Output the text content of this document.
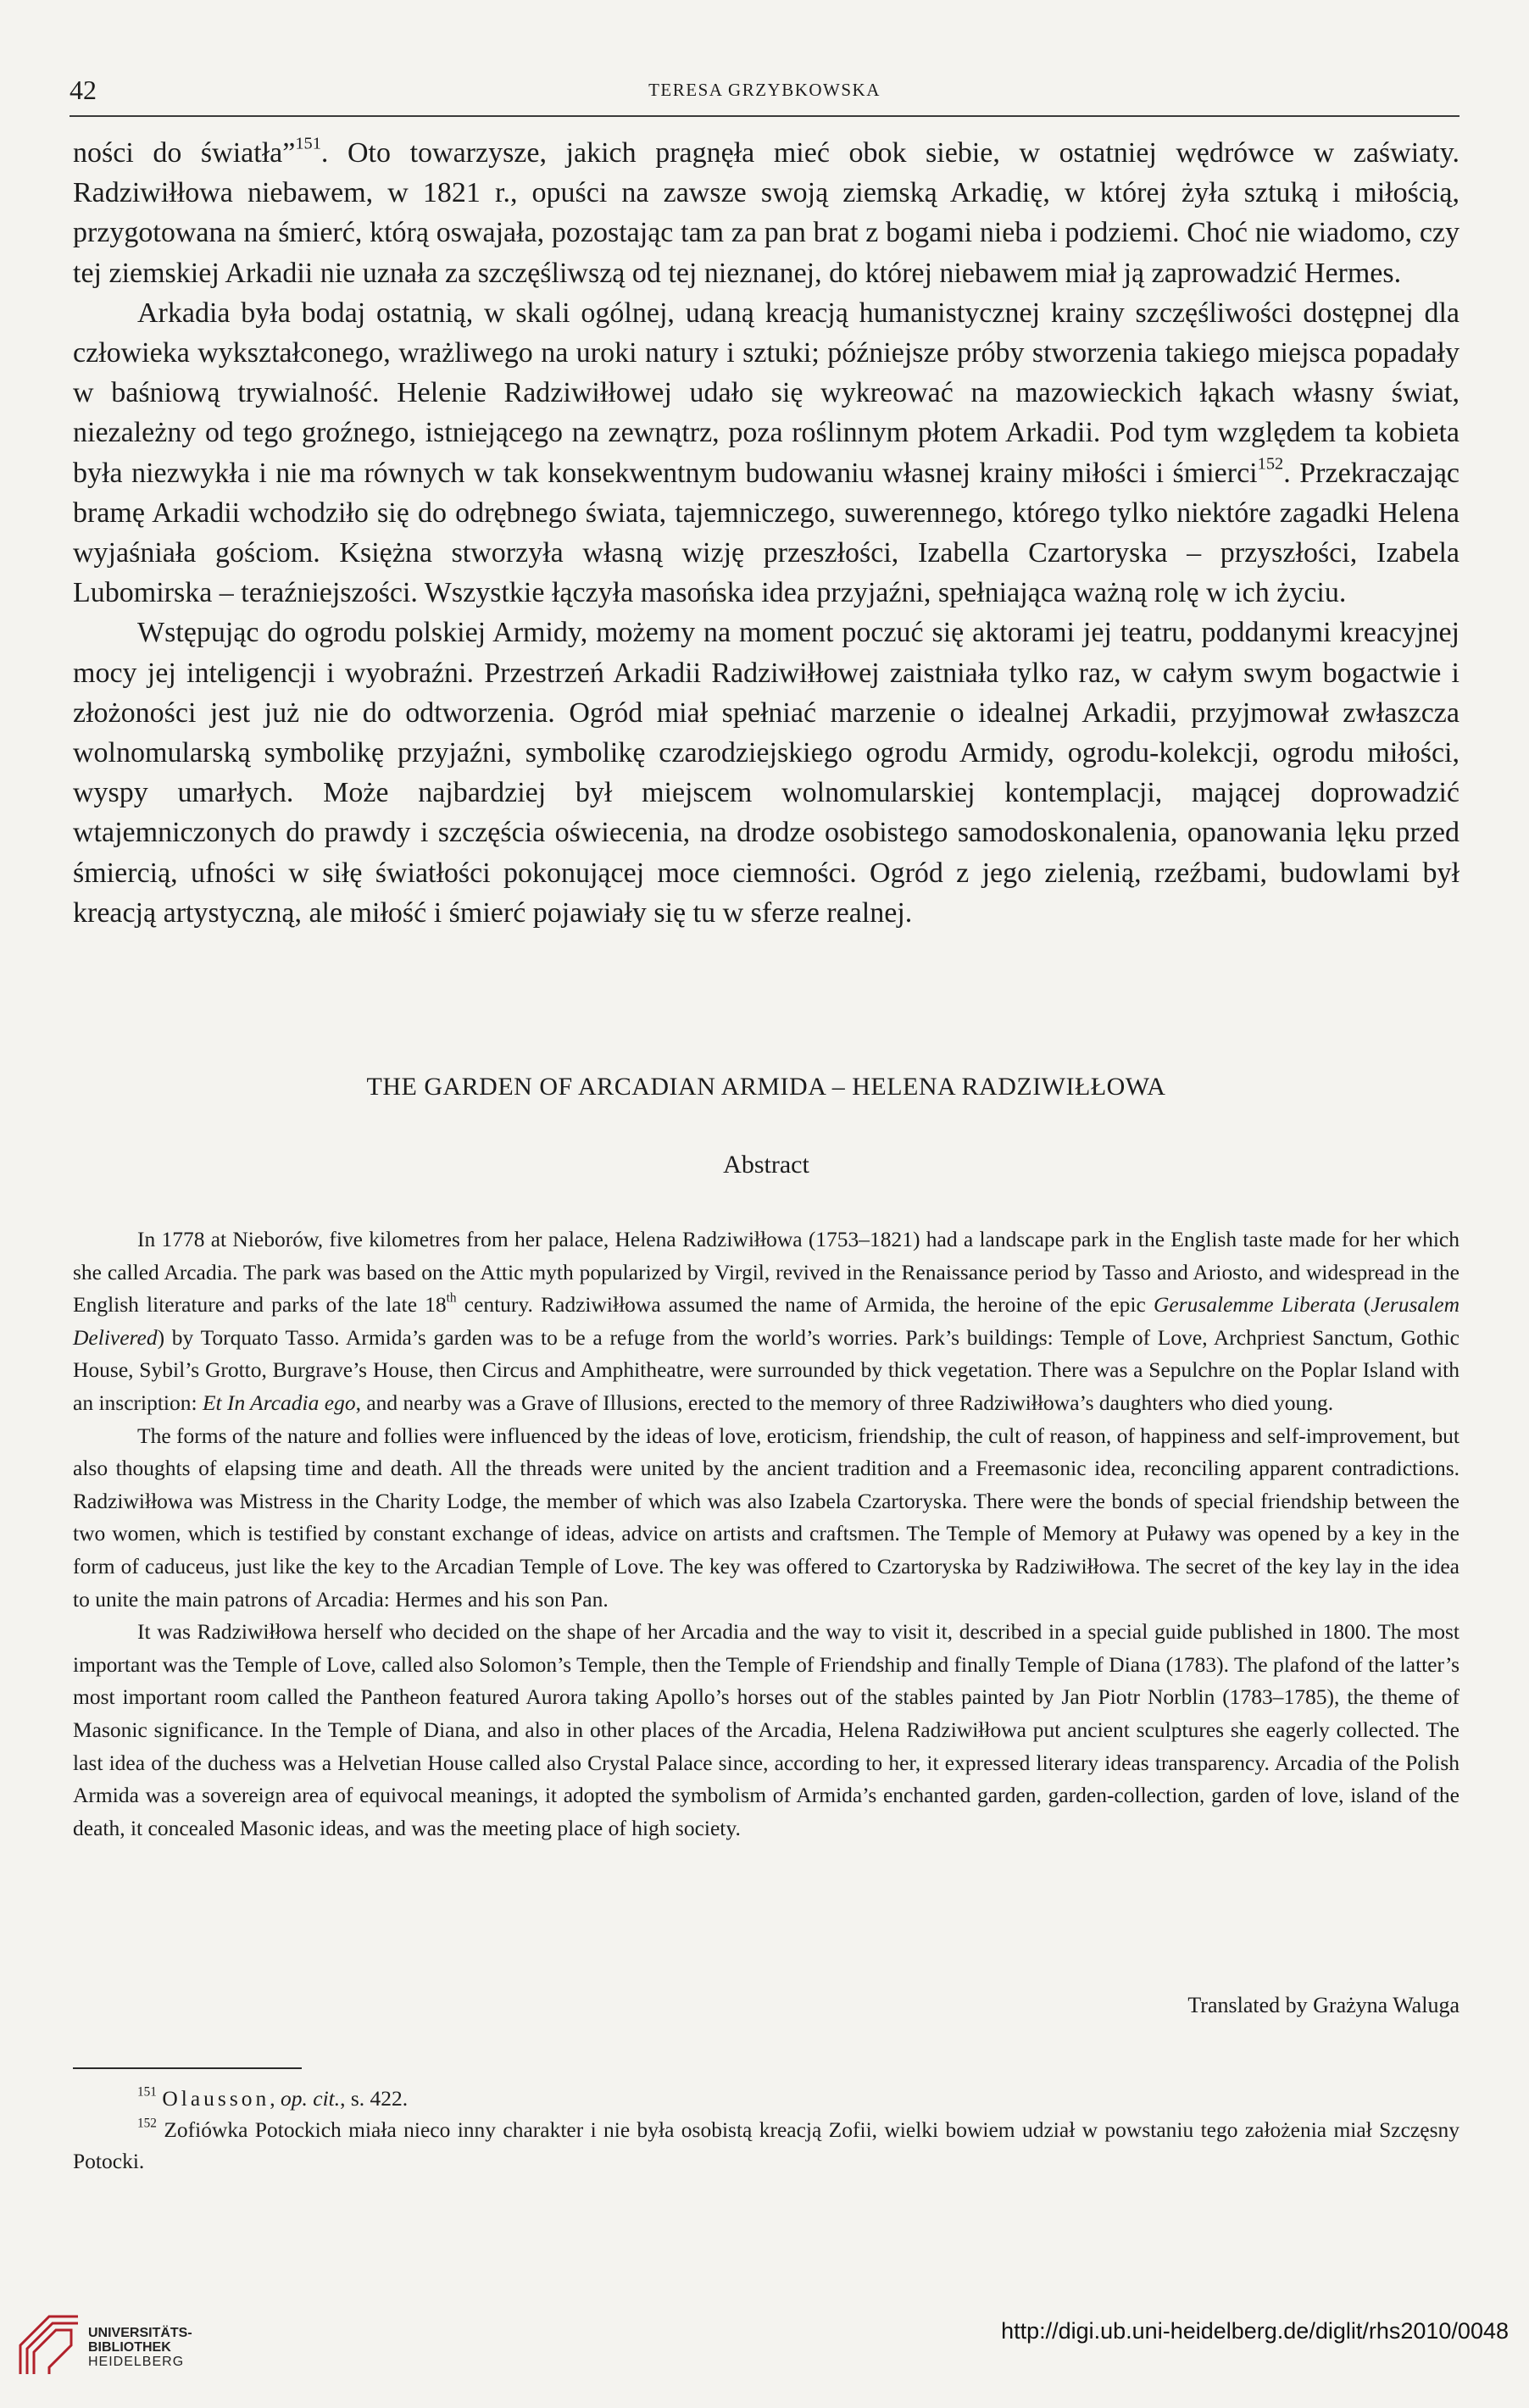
42	TERESA GRZYBKOWSKA

ności do światła”$^{151}$. Oto towarzysze, jakich pragnęła mieć obok siebie, w ostatniej wędrówce w zaświaty. Radziwiłłowa niebawem, w 1821 r., opuści na zawsze swoją ziemską Arkadię, w której żyła sztuką i miłością, przygotowana na śmierć, którą oswajała, pozostając tam za pan brat z bogami nieba i podziemi. Choć nie wiadomo, czy tej ziemskiej Arkadii nie uznała za szczęśliwszą od tej nieznanej, do której niebawem miał ją zaprowadzić Hermes.

Arkadia była bodaj ostatnią, w skali ogólnej, udaną kreacją humanistycznej krainy szczęśliwości dostępnej dla człowieka wykształconego, wrażliwego na uroki natury i sztuki; późniejsze próby stworzenia takiego miejsca popadały w baśniową trywialność. Helenie Radziwiłłowej udało się wykreować na mazowieckich łąkach własny świat, niezależny od tego groźnego, istniejącego na zewnątrz, poza roślinnym płotem Arkadii. Pod tym względem ta kobieta była niezwykła i nie ma równych w tak konsekwentnym budowaniu własnej krainy miłości i śmierci$^{152}$. Przekraczając bramę Arkadii wchodziło się do odrębnego świata, tajemniczego, suwerennego, którego tylko niektóre zagadki Helena wyjaśniała gościom. Księżna stworzyła własną wizję przeszłości, Izabella Czartoryska – przyszłości, Izabela Lubomirska – teraźniejszości. Wszystkie łączyła masońska idea przyjaźni, spełniająca ważną rolę w ich życiu.

Wstępując do ogrodu polskiej Armidy, możemy na moment poczuć się aktorami jej teatru, poddanymi kreacyjnej mocy jej inteligencji i wyobraźni. Przestrzeń Arkadii Radziwiłłowej zaistniała tylko raz, w całym swym bogactwie i złożoności jest już nie do odtworzenia. Ogród miał spełniać marzenie o idealnej Arkadii, przyjmował zwłaszcza wolnomularską symbolikę przyjaźni, symbolikę czarodziejskiego ogrodu Armidy, ogrodu-kolekcji, ogrodu miłości, wyspy umarłych. Może najbardziej był miejscem wolnomularskiej kontemplacji, mającej doprowadzić wtajemniczonych do prawdy i szczęścia oświecenia, na drodze osobistego samodoskonalenia, opanowania lęku przed śmiercią, ufności w siłę światłości pokonującej moce ciemności. Ogród z jego zielenią, rzeźbami, budowlami był kreacją artystyczną, ale miłość i śmierć pojawiały się tu w sferze realnej.

THE GARDEN OF ARCADIAN ARMIDA – HELENA RADZIWIŁŁOWA
Abstract

In 1778 at Nieborów, five kilometres from her palace, Helena Radziwiłłowa (1753–1821) had a landscape park in the English taste made for her which she called Arcadia. The park was based on the Attic myth popularized by Virgil, revived in the Renaissance period by Tasso and Ariosto, and widespread in the English literature and parks of the late 18th century. Radziwiłłowa assumed the name of Armida, the heroine of the epic Gerusalemme Liberata (Jerusalem Delivered) by Torquato Tasso. Armida’s garden was to be a refuge from the world’s worries. Park’s buildings: Temple of Love, Archpriest Sanctum, Gothic House, Sybil’s Grotto, Burgrave’s House, then Circus and Amphitheatre, were surrounded by thick vegetation. There was a Sepulchre on the Poplar Island with an inscription: Et In Arcadia ego, and nearby was a Grave of Illusions, erected to the memory of three Radziwiłłowa’s daughters who died young.

The forms of the nature and follies were influenced by the ideas of love, eroticism, friendship, the cult of reason, of happiness and self-improvement, but also thoughts of elapsing time and death. All the threads were united by the ancient tradition and a Freemasonic idea, reconciling apparent contradictions. Radziwiłłowa was Mistress in the Charity Lodge, the member of which was also Izabela Czartoryska. There were the bonds of special friendship between the two women, which is testified by constant exchange of ideas, advice on artists and craftsmen. The Temple of Memory at Puławy was opened by a key in the form of caduceus, just like the key to the Arcadian Temple of Love. The key was offered to Czartoryska by Radziwiłłowa. The secret of the key lay in the idea to unite the main patrons of Arcadia: Hermes and his son Pan.

It was Radziwiłłowa herself who decided on the shape of her Arcadia and the way to visit it, described in a special guide published in 1800. The most important was the Temple of Love, called also Solomon’s Temple, then the Temple of Friendship and finally Temple of Diana (1783). The plafond of the latter’s most important room called the Pantheon featured Aurora taking Apollo’s horses out of the stables painted by Jan Piotr Norblin (1783–1785), the theme of Masonic significance. In the Temple of Diana, and also in other places of the Arcadia, Helena Radziwiłłowa put ancient sculptures she eagerly collected. The last idea of the duchess was a Helvetian House called also Crystal Palace since, according to her, it expressed literary ideas transparency. Arcadia of the Polish Armida was a sovereign area of equivocal meanings, it adopted the symbolism of Armida’s enchanted garden, garden-collection, garden of love, island of the death, it concealed Masonic ideas, and was the meeting place of high society.

Translated by Grażyna Waluga

$^{151}$ Olausson, op. cit., s. 422.

$^{152}$ Zofiówka Potockich miała nieco inny charakter i nie była osobistą kreacją Zofii, wielki bowiem udział w powstaniu tego założenia miał Szczęsny Potocki.

UNIVERSITÄTS-
BIBLIOTHEK
HEIDELBERG
http://digi.ub.uni-heidelberg.de/diglit/rhs2010/0048
